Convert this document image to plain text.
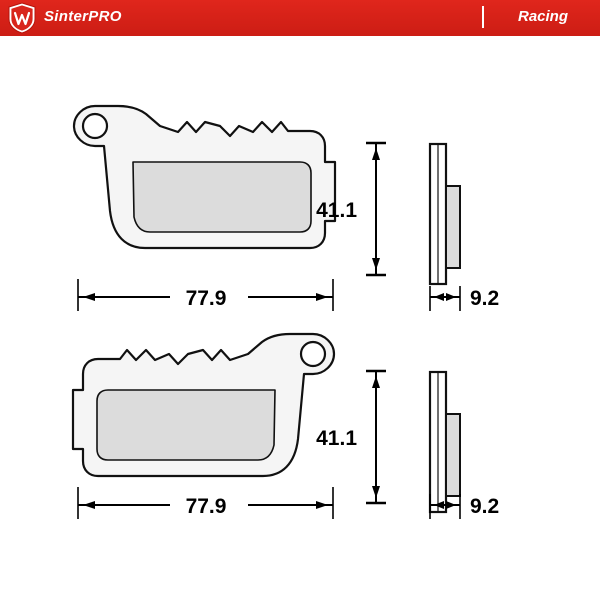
SinterPRO	Racing
41.1
77.9	9.2
41.1
77.9	9.2
